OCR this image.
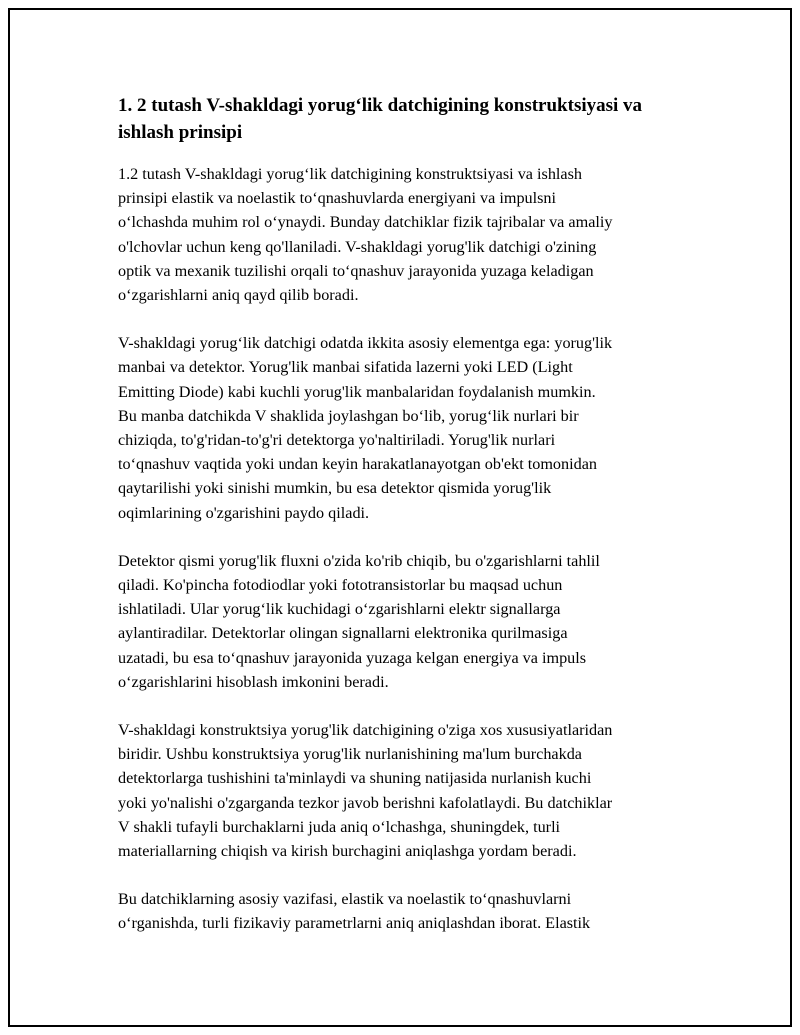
1. 2 tutash V-shakldagi yorug‘lik datchigining konstruktsiyasi va ishlash prinsipi
1.2 tutash V-shakldagi yorug‘lik datchigining konstruktsiyasi va ishlash
prinsipi elastik va noelastik to‘qnashuvlarda energiyani va impulsni
o‘lchashda muhim rol o‘ynaydi. Bunday datchiklar fizik tajribalar va amaliy
o'lchovlar uchun keng qo'llaniladi. V-shakldagi yorug'lik datchigi o'zining
optik va mexanik tuzilishi orqali to‘qnashuv jarayonida yuzaga keladigan
o‘zgarishlarni aniq qayd qilib boradi.
V-shakldagi yorug‘lik datchigi odatda ikkita asosiy elementga ega: yorug'lik
manbai va detektor. Yorug'lik manbai sifatida lazerni yoki LED (Light
Emitting Diode) kabi kuchli yorug'lik manbalaridan foydalanish mumkin.
Bu manba datchikda V shaklida joylashgan bo‘lib, yorug‘lik nurlari bir
chiziqda, to'g'ridan-to'g'ri detektorga yo'naltiriladi. Yorug'lik nurlari
to‘qnashuv vaqtida yoki undan keyin harakatlanayotgan ob'ekt tomonidan
qaytarilishi yoki sinishi mumkin, bu esa detektor qismida yorug'lik
oqimlarining o'zgarishini paydo qiladi.
Detektor qismi yorug'lik fluxni o'zida ko'rib chiqib, bu o'zgarishlarni tahlil
qiladi. Ko'pincha fotodiodlar yoki fototransistorlar bu maqsad uchun
ishlatiladi. Ular yorug‘lik kuchidagi o‘zgarishlarni elektr signallarga
aylantiradilar. Detektorlar olingan signallarni elektronika qurilmasiga
uzatadi, bu esa to‘qnashuv jarayonida yuzaga kelgan energiya va impuls
o‘zgarishlarini hisoblash imkonini beradi.
V-shakldagi konstruktsiya yorug'lik datchigining o'ziga xos xususiyatlaridan
biridir. Ushbu konstruktsiya yorug'lik nurlanishining ma'lum burchakda
detektorlarga tushishini ta'minlaydi va shuning natijasida nurlanish kuchi
yoki yo'nalishi o'zgarganda tezkor javob berishni kafolatlaydi. Bu datchiklar
V shakli tufayli burchaklarni juda aniq o‘lchashga, shuningdek, turli
materiallarning chiqish va kirish burchagini aniqlashga yordam beradi.
Bu datchiklarning asosiy vazifasi, elastik va noelastik to‘qnashuvlarni
o‘rganishda, turli fizikaviy parametrlarni aniq aniqlashdan iborat. Elastik
